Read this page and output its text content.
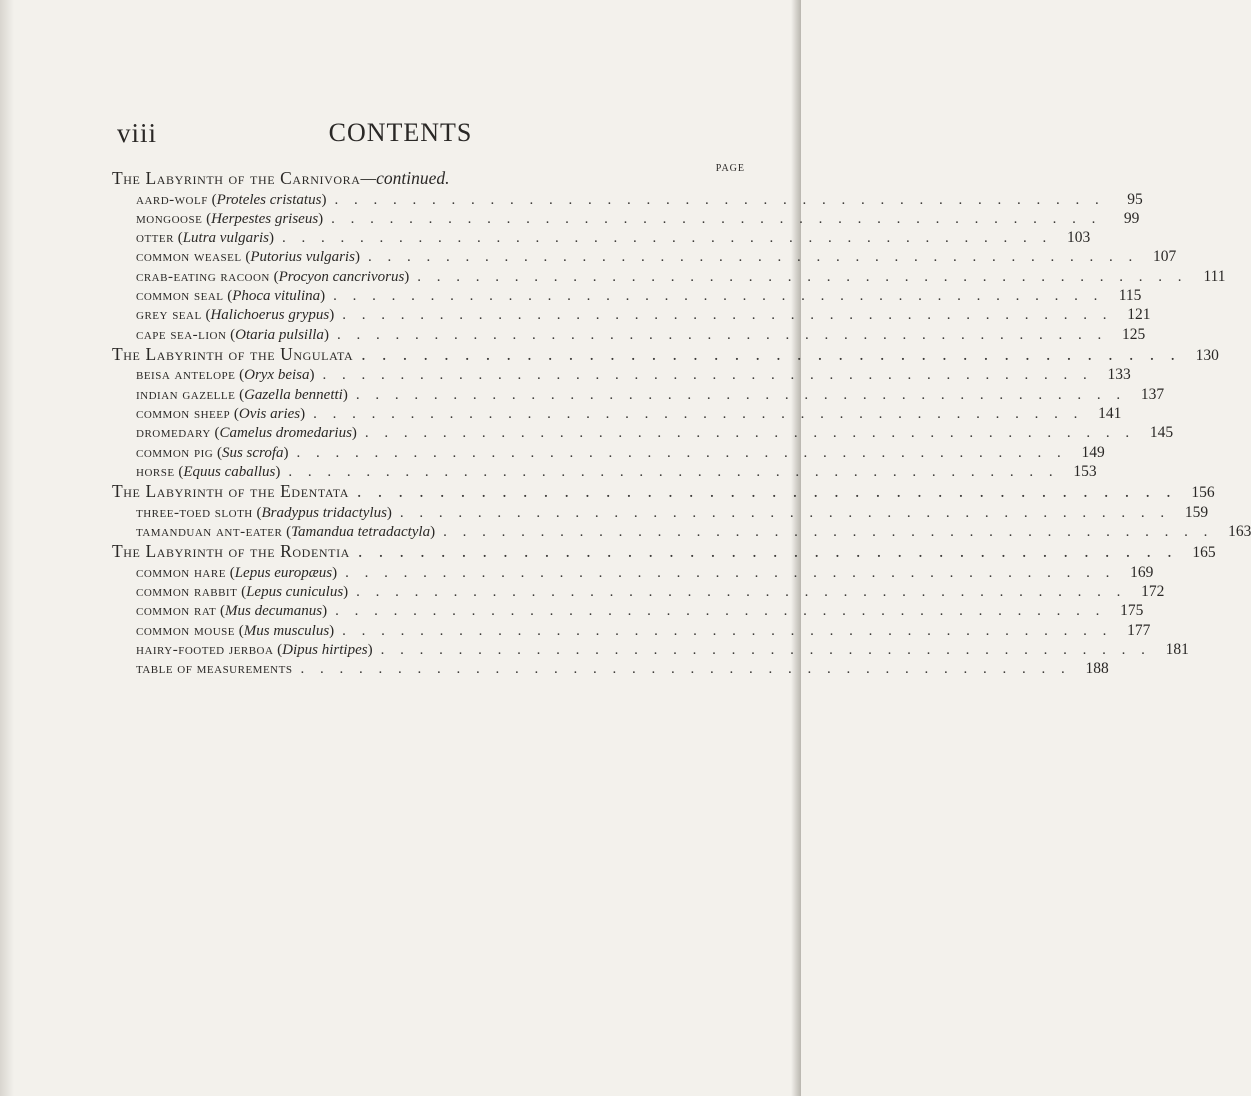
viii	CONTENTS
PAGE
The Labyrinth of the Carnivora —continued.
aard-wolf ( Proteles cristatus ) . . . . . . . . . . . . . . . . . . . . . . . . . . . . . . . . . . . . . . . .	95
mongoose ( Herpestes griseus ) . . . . . . . . . . . . . . . . . . . . . . . . . . . . . . . . . . . . . . . .	99
otter ( Lutra vulgaris ) . . . . . . . . . . . . . . . . . . . . . . . . . . . . . . . . . . . . . . . . 103
common weasel ( Putorius vulgaris ) . . . . . . . . . . . . . . . . . . . . . . . . . . . . . . . . . . . . . . . . 107
crab-eating racoon ( Procyon cancrivorus ) . . . . . . . . . . . . . . . . . . . . . . . . . . . . . . . . . . . . . . . .	111
common seal ( Phoca vitulina ) . . . . . . . . . . . . . . . . . . . . . . . . . . . . . . . . . . . . . . . . 115
grey seal ( Halichoerus grypus ) . . . . . . . . . . . . . . . . . . . . . . . . . . . . . . . . . . . . . . . . 121
cape sea-lion ( Otaria pulsilla ) . . . . . . . . . . . . . . . . . . . . . . . . . . . . . . . . . . . . . . . . 125
The Labyrinth of the Ungulata . . . . . . . . . . . . . . . . . . . . . . . . . . . . . . . . . . . . . . . . 130
beisa antelope ( Oryx beisa ) . . . . . . . . . . . . . . . . . . . . . . . . . . . . . . . . . . . . . . . . 133
indian gazelle ( Gazella bennetti ) . . . . . . . . . . . . . . . . . . . . . . . . . . . . . . . . . . . . . . . . 137
common sheep ( Ovis aries ) . . . . . . . . . . . . . . . . . . . . . . . . . . . . . . . . . . . . . . . . 141
dromedary ( Camelus dromedarius ) . . . . . . . . . . . . . . . . . . . . . . . . . . . . . . . . . . . . . . . . 145
common pig ( Sus scrofa ) . . . . . . . . . . . . . . . . . . . . . . . . . . . . . . . . . . . . . . . . 149
horse ( Equus caballus ) . . . . . . . . . . . . . . . . . . . . . . . . . . . . . . . . . . . . . . . . 153
The Labyrinth of the Edentata . . . . . . . . . . . . . . . . . . . . . . . . . . . . . . . . . . . . . . . . 156
three-toed sloth ( Bradypus tridactylus ) . . . . . . . . . . . . . . . . . . . . . . . . . . . . . . . . . . . . . . . . 159
tamanduan ant-eater ( Tamandua tetradactyla ) . . . . . . . . . . . . . . . . . . . . . . . . . . . . . . . . . . . . . . . . 163
The Labyrinth of the Rodentia . . . . . . . . . . . . . . . . . . . . . . . . . . . . . . . . . . . . . . . . 165
common hare ( Lepus europæus ) . . . . . . . . . . . . . . . . . . . . . . . . . . . . . . . . . . . . . . . . 169
common rabbit ( Lepus cuniculus ) . . . . . . . . . . . . . . . . . . . . . . . . . . . . . . . . . . . . . . . . 172
common rat ( Mus decumanus ) . . . . . . . . . . . . . . . . . . . . . . . . . . . . . . . . . . . . . . . . 175
common mouse ( Mus musculus ) . . . . . . . . . . . . . . . . . . . . . . . . . . . . . . . . . . . . . . . . 177
hairy-footed jerboa ( Dipus hirtipes ) . . . . . . . . . . . . . . . . . . . . . . . . . . . . . . . . . . . . . . . . 181
table of measurements . . . . . . . . . . . . . . . . . . . . . . . . . . . . . . . . . . . . . . . . 188
